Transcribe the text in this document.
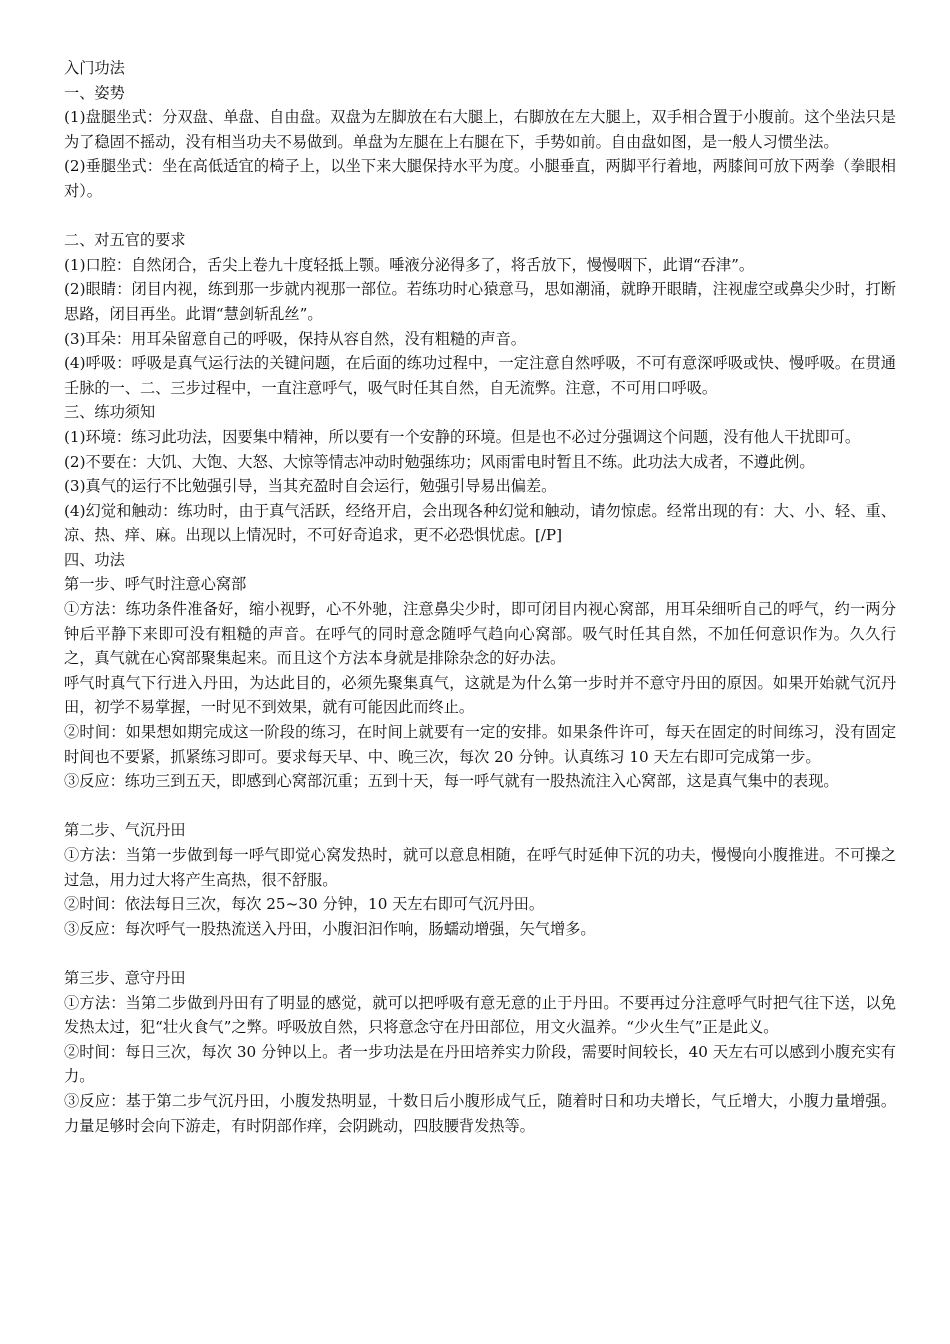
入门功法

一、姿势

(1)盘腿坐式：分双盘、单盘、自由盘。双盘为左脚放在右大腿上，右脚放在左大腿上，双手相合置于小腹前。这个坐法只是为了稳固不摇动，没有相当功夫不易做到。单盘为左腿在上右腿在下，手势如前。自由盘如图，是一般人习惯坐法。

(2)垂腿坐式：坐在高低适宜的椅子上，以坐下来大腿保持水平为度。小腿垂直，两脚平行着地，两膝间可放下两拳（拳眼相对）。

二、对五官的要求

(1)口腔：自然闭合，舌尖上卷九十度轻抵上颚。唾液分泌得多了，将舌放下，慢慢咽下，此谓“吞津”。

(2)眼睛：闭目内视，练到那一步就内视那一部位。若练功时心猿意马，思如潮涌，就睁开眼睛，注视虚空或鼻尖少时，打断思路，闭目再坐。此谓“慧剑斩乱丝”。

(3)耳朵：用耳朵留意自己的呼吸，保持从容自然，没有粗糙的声音。

(4)呼吸：呼吸是真气运行法的关键问题，在后面的练功过程中，一定注意自然呼吸，不可有意深呼吸或快、慢呼吸。在贯通壬脉的一、二、三步过程中，一直注意呼气，吸气时任其自然，自无流弊。注意，不可用口呼吸。

三、练功须知

(1)环境：练习此功法，因要集中精神，所以要有一个安静的环境。但是也不必过分强调这个问题，没有他人干扰即可。

(2)不要在：大饥、大饱、大怒、大惊等情志冲动时勉强练功；风雨雷电时暂且不练。此功法大成者，不遵此例。

(3)真气的运行不比勉强引导，当其充盈时自会运行，勉强引导易出偏差。

(4)幻觉和触动：练功时，由于真气活跃，经络开启，会出现各种幻觉和触动，请勿惊虑。经常出现的有：大、小、轻、重、凉、热、痒、麻。出现以上情况时，不可好奇追求，更不必恐惧忧虑。[/P]

四、功法

第一步、呼气时注意心窝部

①方法：练功条件准备好，缩小视野，心不外驰，注意鼻尖少时，即可闭目内视心窝部，用耳朵细听自己的呼气，约一两分钟后平静下来即可没有粗糙的声音。在呼气的同时意念随呼气趋向心窝部。吸气时任其自然，不加任何意识作为。久久行之，真气就在心窝部聚集起来。而且这个方法本身就是排除杂念的好办法。

呼气时真气下行进入丹田，为达此目的，必须先聚集真气，这就是为什么第一步时并不意守丹田的原因。如果开始就气沉丹田，初学不易掌握，一时见不到效果，就有可能因此而终止。

②时间：如果想如期完成这一阶段的练习，在时间上就要有一定的安排。如果条件许可，每天在固定的时间练习，没有固定时间也不要紧，抓紧练习即可。要求每天早、中、晚三次，每次 20 分钟。认真练习 10 天左右即可完成第一步。

③反应：练功三到五天，即感到心窝部沉重；五到十天，每一呼气就有一股热流注入心窝部，这是真气集中的表现。

第二步、气沉丹田

①方法：当第一步做到每一呼气即觉心窝发热时，就可以意息相随，在呼气时延伸下沉的功夫，慢慢向小腹推进。不可操之过急，用力过大将产生高热，很不舒服。

②时间：依法每日三次，每次 25~30 分钟，10 天左右即可气沉丹田。

③反应：每次呼气一股热流送入丹田，小腹汩汩作响，肠蠕动增强，矢气增多。

第三步、意守丹田

①方法：当第二步做到丹田有了明显的感觉，就可以把呼吸有意无意的止于丹田。不要再过分注意呼气时把气往下送，以免发热太过，犯“壮火食气”之弊。呼吸放自然，只将意念守在丹田部位，用文火温养。“少火生气”正是此义。

②时间：每日三次，每次 30 分钟以上。者一步功法是在丹田培养实力阶段，需要时间较长，40 天左右可以感到小腹充实有力。

③反应：基于第二步气沉丹田，小腹发热明显，十数日后小腹形成气丘，随着时日和功夫增长，气丘增大，小腹力量增强。力量足够时会向下游走，有时阴部作痒，会阴跳动，四肢腰背发热等。
